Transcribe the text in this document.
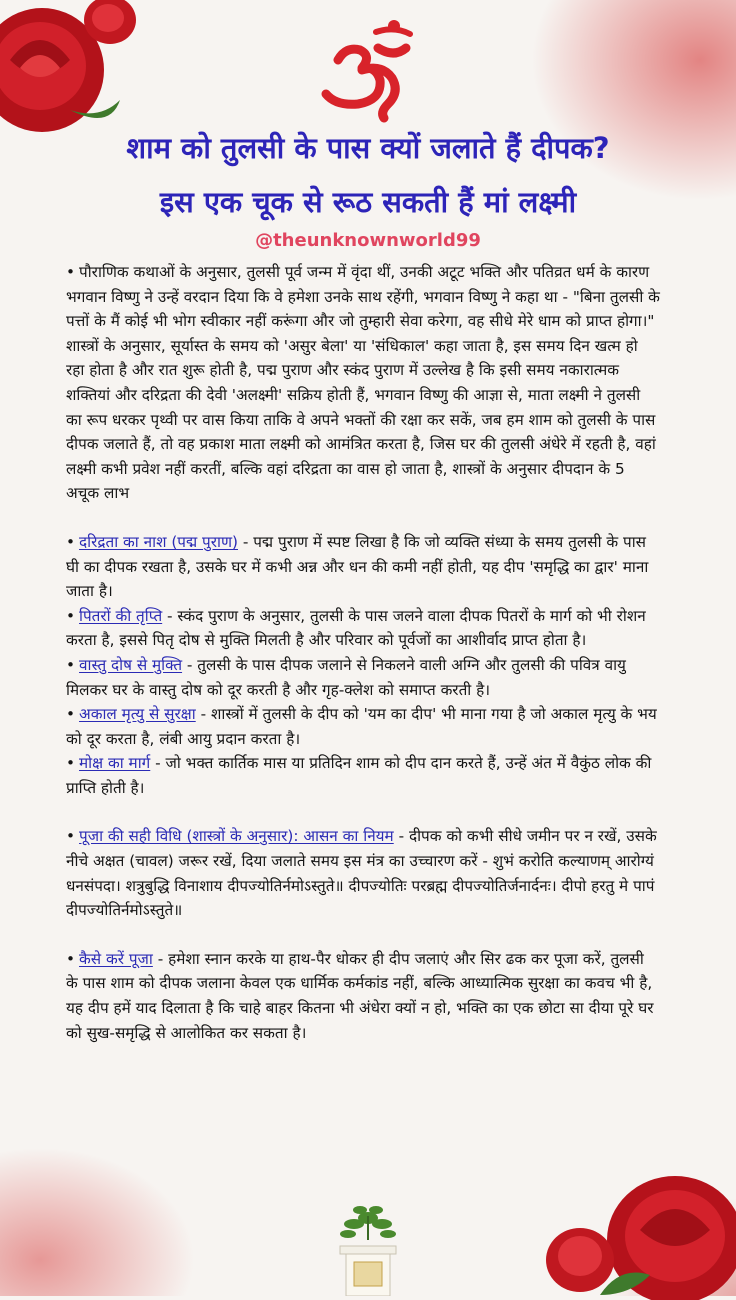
शाम को तुलसी के पास क्यों जलाते हैं दीपक?
इस एक चूक से रूठ सकती हैं मां लक्ष्मी
@theunknownworld99

• पौराणिक कथाओं के अनुसार, तुलसी पूर्व जन्म में वृंदा थीं, उनकी अटूट भक्ति और पतिव्रत धर्म के कारण भगवान विष्णु ने उन्हें वरदान दिया कि वे हमेशा उनके साथ रहेंगी, भगवान विष्णु ने कहा था - "बिना तुलसी के पत्तों के मैं कोई भी भोग स्वीकार नहीं करूंगा और जो तुम्हारी सेवा करेगा, वह सीधे मेरे धाम को प्राप्त होगा।" शास्त्रों के अनुसार, सूर्यास्त के समय को 'असुर बेला' या 'संधिकाल' कहा जाता है, इस समय दिन खत्म हो रहा होता है और रात शुरू होती है, पद्म पुराण और स्कंद पुराण में उल्लेख है कि इसी समय नकारात्मक शक्तियां और दरिद्रता की देवी 'अलक्ष्मी' सक्रिय होती हैं, भगवान विष्णु की आज्ञा से, माता लक्ष्मी ने तुलसी का रूप धरकर पृथ्वी पर वास किया ताकि वे अपने भक्तों की रक्षा कर सकें, जब हम शाम को तुलसी के पास दीपक जलाते हैं, तो वह प्रकाश माता लक्ष्मी को आमंत्रित करता है, जिस घर की तुलसी अंधेरे में रहती है, वहां लक्ष्मी कभी प्रवेश नहीं करतीं, बल्कि वहां दरिद्रता का वास हो जाता है, शास्त्रों के अनुसार दीपदान के 5 अचूक लाभ

• दरिद्रता का नाश (पद्म पुराण) - पद्म पुराण में स्पष्ट लिखा है कि जो व्यक्ति संध्या के समय तुलसी के पास घी का दीपक रखता है, उसके घर में कभी अन्न और धन की कमी नहीं होती, यह दीप 'समृद्धि का द्वार' माना जाता है।

• पितरों की तृप्ति - स्कंद पुराण के अनुसार, तुलसी के पास जलने वाला दीपक पितरों के मार्ग को भी रोशन करता है, इससे पितृ दोष से मुक्ति मिलती है और परिवार को पूर्वजों का आशीर्वाद प्राप्त होता है।

• वास्तु दोष से मुक्ति - तुलसी के पास दीपक जलाने से निकलने वाली अग्नि और तुलसी की पवित्र वायु मिलकर घर के वास्तु दोष को दूर करती है और गृह-क्लेश को समाप्त करती है।

• अकाल मृत्यु से सुरक्षा - शास्त्रों में तुलसी के दीप को 'यम का दीप' भी माना गया है जो अकाल मृत्यु के भय को दूर करता है, लंबी आयु प्रदान करता है।

• मोक्ष का मार्ग - जो भक्त कार्तिक मास या प्रतिदिन शाम को दीप दान करते हैं, उन्हें अंत में वैकुंठ लोक की प्राप्ति होती है।

• पूजा की सही विधि (शास्त्रों के अनुसार): आसन का नियम - दीपक को कभी सीधे जमीन पर न रखें, उसके नीचे अक्षत (चावल) जरूर रखें, दिया जलाते समय इस मंत्र का उच्चारण करें - शुभं करोति कल्याणम् आरोग्यं धनसंपदा। शत्रुबुद्धि विनाशाय दीपज्योतिर्नमोऽस्तुते॥ दीपज्योतिः परब्रह्म दीपज्योतिर्जनार्दनः। दीपो हरतु मे पापं दीपज्योतिर्नमोऽस्तुते॥

• कैसे करें पूजा - हमेशा स्नान करके या हाथ-पैर धोकर ही दीप जलाएं और सिर ढक कर पूजा करें, तुलसी के पास शाम को दीपक जलाना केवल एक धार्मिक कर्मकांड नहीं, बल्कि आध्यात्मिक सुरक्षा का कवच भी है, यह दीप हमें याद दिलाता है कि चाहे बाहर कितना भी अंधेरा क्यों न हो, भक्ति का एक छोटा सा दीया पूरे घर को सुख-समृद्धि से आलोकित कर सकता है।
